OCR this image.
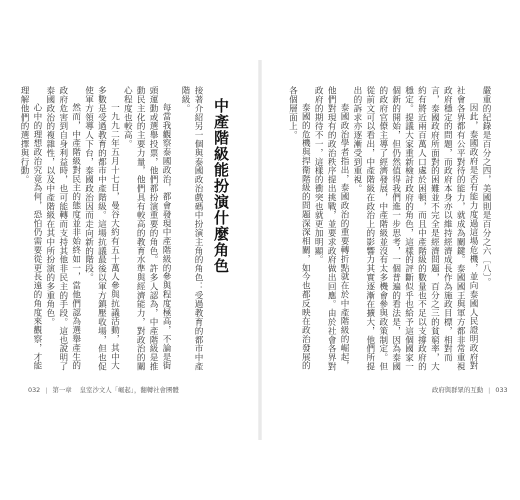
每當我觀察泰國政治，都會發現中產階級的參與程度極高，不論是街頭運動或選舉投票，他們都扮演重要的角色。許多人認為，中產階級是推動民主化的主要力量，他們具有較高的教育水準與經濟能力，對政治的關心程度也較高。

一九九二年五月十七日，曼谷大約有五十萬人參與抗議活動，其中大多數是受過教育的都市中產階級。這場抗議最後以軍方鎮壓收場，但也促使軍方領導人下台，泰國政治因而走向新的階段。

然而，中產階級對民主的態度並非始終如一，當他們認為選舉產生的政府危害到自身利益時，也可能轉而支持其他非民主的手段。這也說明了泰國政治的複雜性，以及中產階級在其中所扮演的多重角色。

心中的理想政治究竟為何，恐怕仍需要從更長遠的角度來觀察，才能理解他們的選擇與行動。	接著介紹另一個與泰國政治戲碼中扮演主角的角色：受過教育的都市中產階級。	中產階級能扮演什麼角色
032 | 第一章 皇室沙文人「崛起」，翻轉社會團體

嚴重的紀錄是百分之四，美國則是百分之六〔八〕。

因此，泰國政府是否有能力度過這場危機，並向泰國人民證明政府對社會各界都有公平對待的能力，就成為關鍵。泰國國王與軍方都非常重視政府穩定的問題，而政府本身亦以維持經濟成長作為施政目標，相對而言，泰國政府所面對的困難並不完全是經濟問題，百分之三的貧窮率，大約有將近兩百萬人口處於困頓，而且中產階級的數量也不足以支撐政府的穩定。提議大家重新檢討政府的角色，這樣的評斷似乎也給予這個國家一個新的開始，但仍然值得我們進一步思考，一個普遍的看法是，因為泰國的政府官僚主導了經濟發展，中產階級並沒有太多機會參與政策制定。但從前文可以看出，中產階級在政治上的影響力其實逐漸在擴大，他們所提出的訴求亦逐漸受到重視。

泰國政治學者指出，泰國政治的重要轉折點就在於中產階級的崛起，他們對現有的政治秩序提出挑戰，並要求政府做出回應。由於社會各界對政府的期待不一，這樣的衝突也就更加明顯。

泰國的危機與捍衛階級的問題深深相關，如今也都反映在政治發展的各個層面上。

政府與群眾的互動 | 033
